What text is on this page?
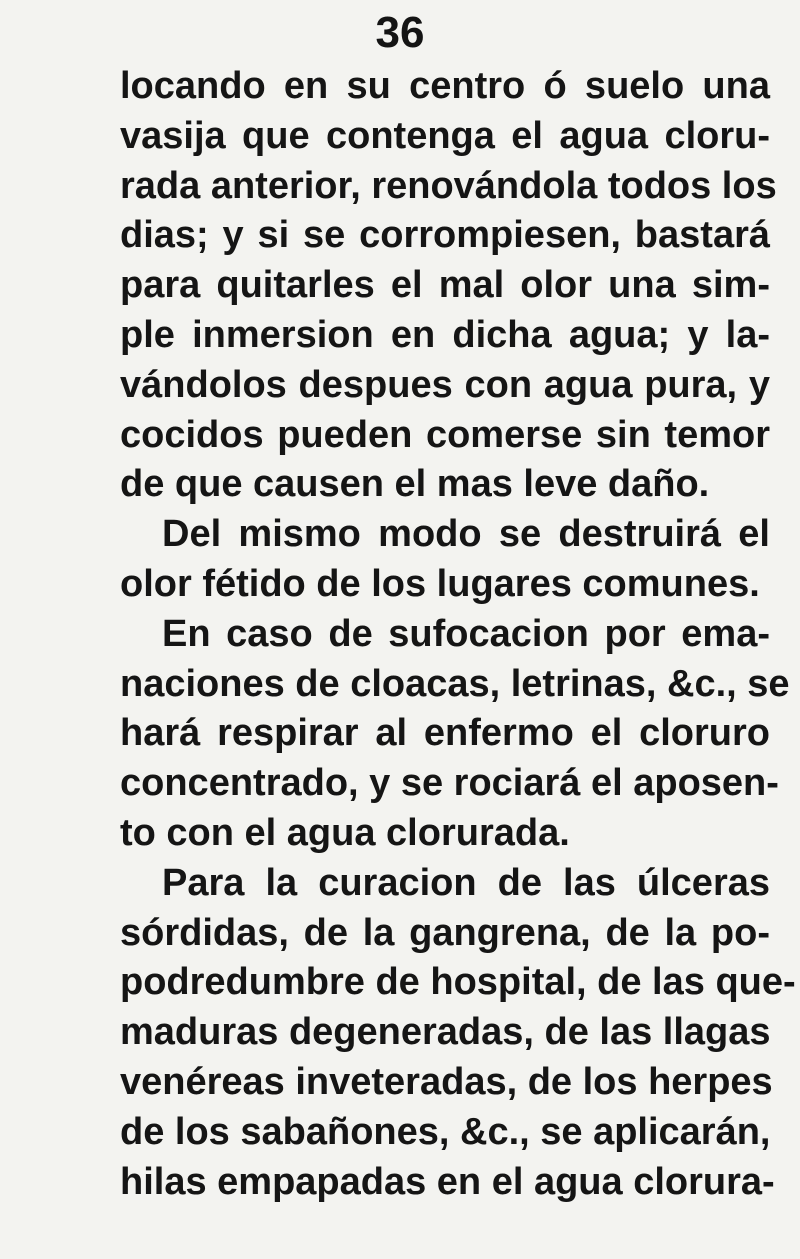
36
locando en su centro ó suelo una
vasija que contenga el agua cloru-
rada anterior, renovándola todos los
dias; y si se corrompiesen, bastará
para quitarles el mal olor una sim-
ple inmersion en dicha agua; y la-
vándolos despues con agua pura, y
cocidos pueden comerse sin temor
de que causen el mas leve daño.
Del mismo modo se destruirá el
olor fétido de los lugares comunes.
En caso de sufocacion por ema-
naciones de cloacas, letrinas, &c., se
hará respirar al enfermo el cloruro
concentrado, y se rociará el aposen-
to con el agua clorurada.
Para la curacion de las úlceras
sórdidas, de la gangrena, de la po-
podredumbre de hospital, de las que-
maduras degeneradas, de las llagas
venéreas inveteradas, de los herpes
de los sabañones, &c., se aplicarán,
hilas empapadas en el agua clorura-
